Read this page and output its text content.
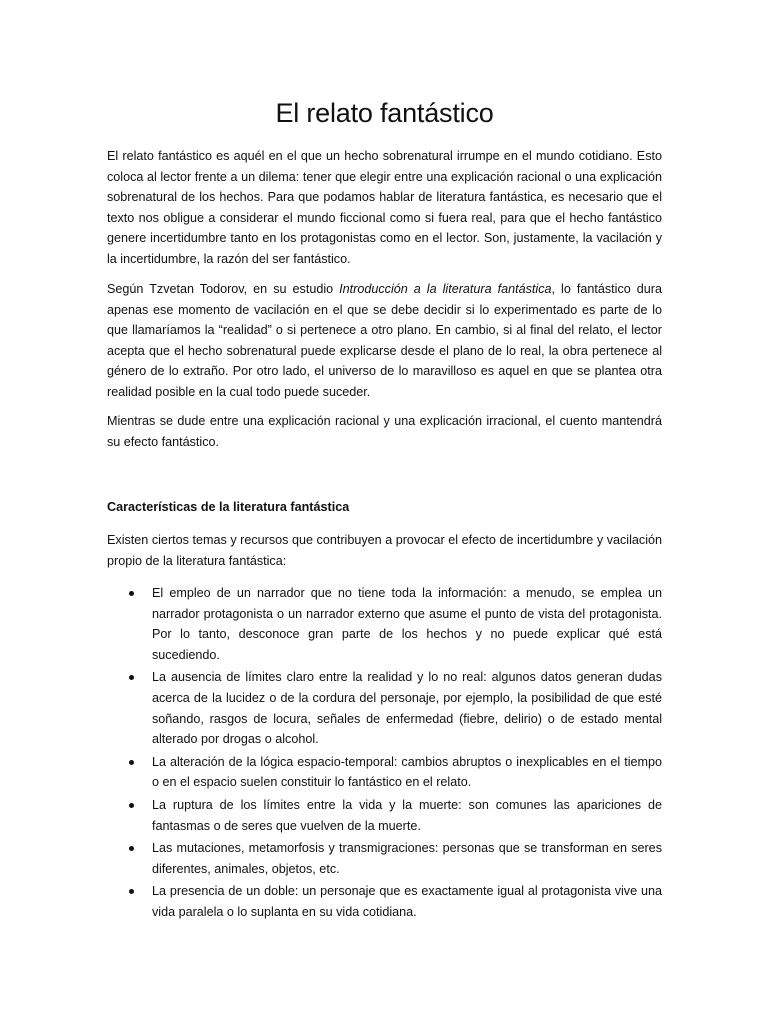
El relato fantástico

El relato fantástico es aquél en el que un hecho sobrenatural irrumpe en el mundo cotidiano. Esto coloca al lector frente a un dilema: tener que elegir entre una explicación racional o una explicación sobrenatural de los hechos. Para que podamos hablar de literatura fantástica, es necesario que el texto nos obligue a considerar el mundo ficcional como si fuera real, para que el hecho fantástico genere incertidumbre tanto en los protagonistas como en el lector. Son, justamente, la vacilación y la incertidumbre, la razón del ser fantástico.

Según Tzvetan Todorov, en su estudio Introducción a la literatura fantástica, lo fantástico dura apenas ese momento de vacilación en el que se debe decidir si lo experimentado es parte de lo que llamaríamos la “realidad” o si pertenece a otro plano. En cambio, si al final del relato, el lector acepta que el hecho sobrenatural puede explicarse desde el plano de lo real, la obra pertenece al género de lo extraño. Por otro lado, el universo de lo maravilloso es aquel en que se plantea otra realidad posible en la cual todo puede suceder.

Mientras se dude entre una explicación racional y una explicación irracional, el cuento mantendrá su efecto fantástico.

Características de la literatura fantástica

Existen ciertos temas y recursos que contribuyen a provocar el efecto de incertidumbre y vacilación propio de la literatura fantástica:

El empleo de un narrador que no tiene toda la información: a menudo, se emplea un narrador protagonista o un narrador externo que asume el punto de vista del protagonista. Por lo tanto, desconoce gran parte de los hechos y no puede explicar qué está sucediendo.
La ausencia de límites claro entre la realidad y lo no real: algunos datos generan dudas acerca de la lucidez o de la cordura del personaje, por ejemplo, la posibilidad de que esté soñando, rasgos de locura, señales de enfermedad (fiebre, delirio) o de estado mental alterado por drogas o alcohol.
La alteración de la lógica espacio-temporal: cambios abruptos o inexplicables en el tiempo o en el espacio suelen constituir lo fantástico en el relato.
La ruptura de los límites entre la vida y la muerte: son comunes las apariciones de fantasmas o de seres que vuelven de la muerte.
Las mutaciones, metamorfosis y transmigraciones: personas que se transforman en seres diferentes, animales, objetos, etc.
La presencia de un doble: un personaje que es exactamente igual al protagonista vive una vida paralela o lo suplanta en su vida cotidiana.
